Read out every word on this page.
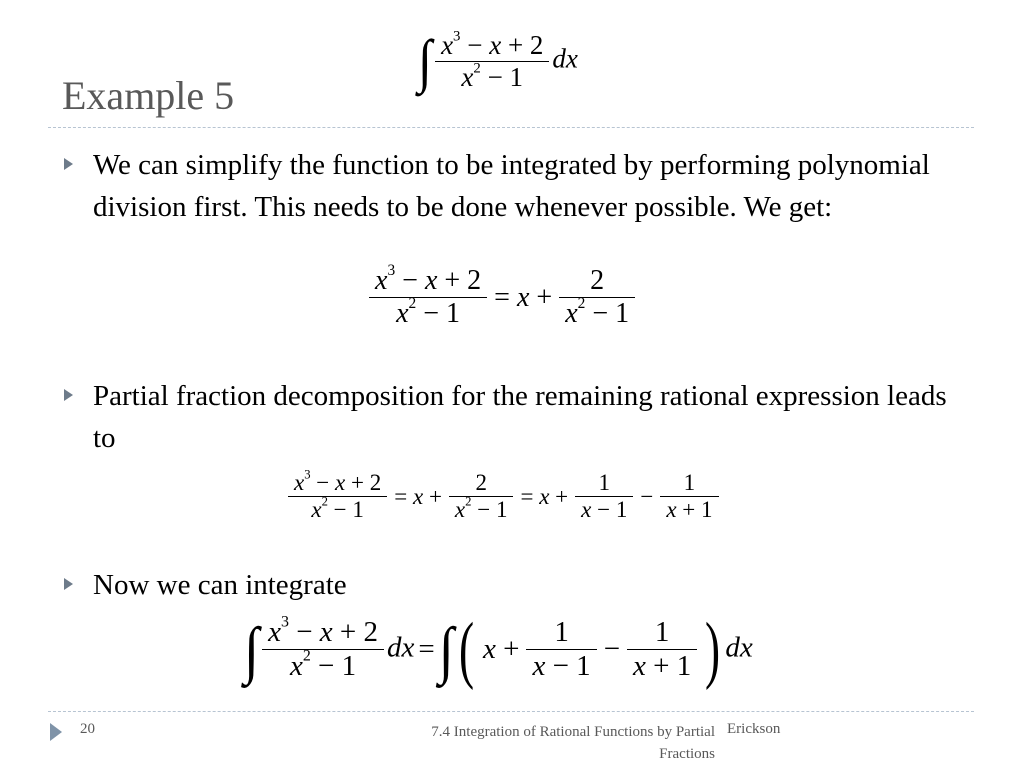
Example 5
∫ $\frac{x^3 - x + 2}{x^2 - 1}$ dx
We can simplify the function to be integrated by performing polynomial division first. This needs to be done whenever possible. We get:
$\frac{x^3 - x + 2}{x^2 - 1} = x + \frac{2}{x^2 - 1}$
Partial fraction decomposition for the remaining rational expression leads to
$\frac{x^3 - x + 2}{x^2 - 1} = x + \frac{2}{x^2 - 1} = x + \frac{1}{x - 1} - \frac{1}{x + 1}$
Now we can integrate
∫ $\frac{x^3 - x + 2}{x^2 - 1}$ dx =∫( $x + \frac{1}{x - 1} - \frac{1}{x + 1}$ ) dx
20	7.4 Integration of Rational Functions by Partial Fractions
Erickson
